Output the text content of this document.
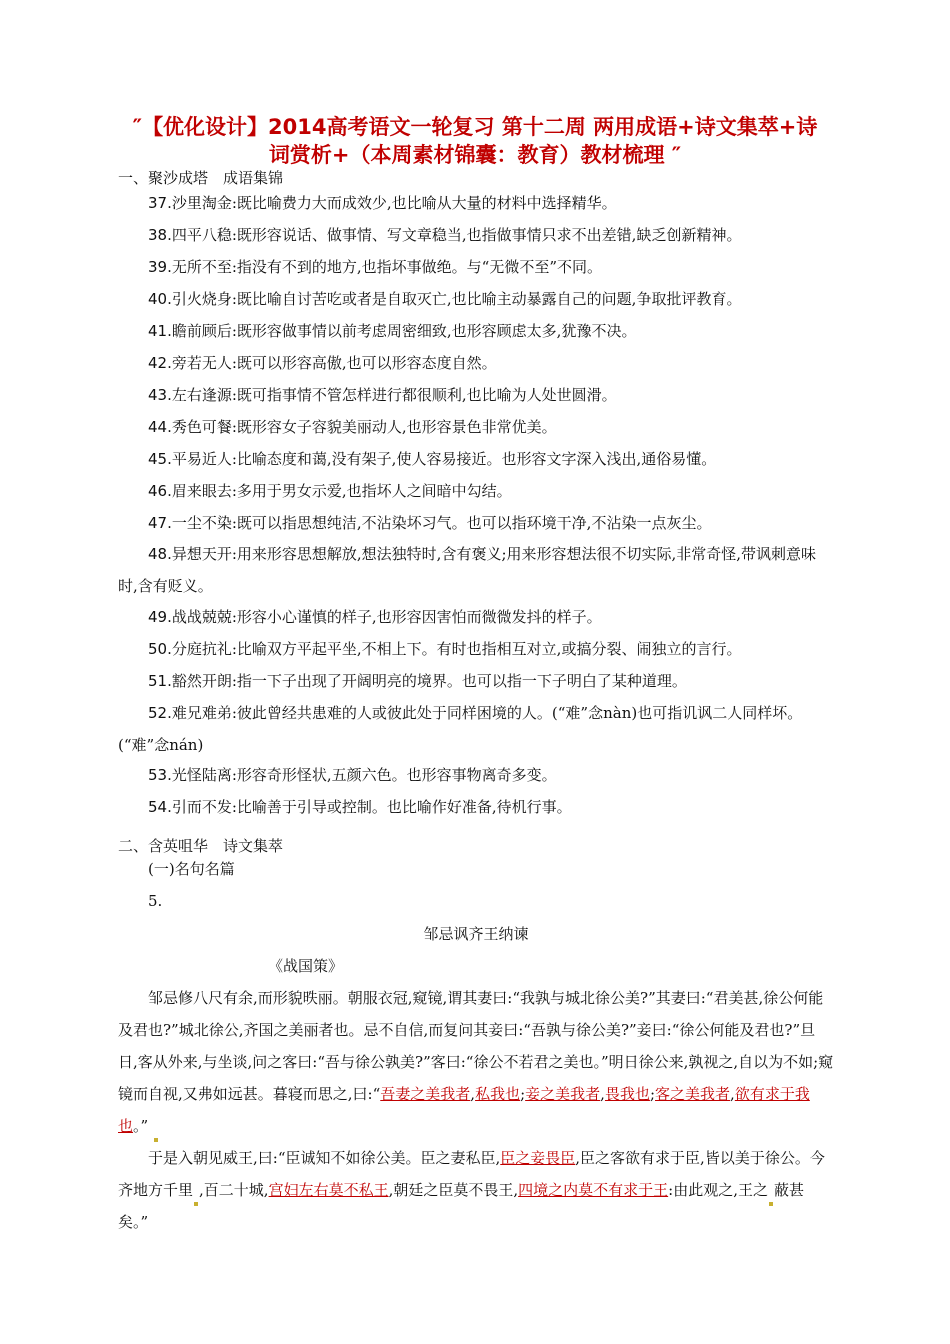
″【优化设计】2014高考语文一轮复习 第十二周 两用成语+诗文集萃+诗
词赏析+（本周素材锦囊：教育）教材梳理 ″
一、聚沙成塔　成语集锦
37.沙里淘金:既比喻费力大而成效少,也比喻从大量的材料中选择精华。
38.四平八稳:既形容说话、做事情、写文章稳当,也指做事情只求不出差错,缺乏创新精神。
39.无所不至:指没有不到的地方,也指坏事做绝。与“无微不至”不同。
40.引火烧身:既比喻自讨苦吃或者是自取灭亡,也比喻主动暴露自己的问题,争取批评教育。
41.瞻前顾后:既形容做事情以前考虑周密细致,也形容顾虑太多,犹豫不决。
42.旁若无人:既可以形容高傲,也可以形容态度自然。
43.左右逢源:既可指事情不管怎样进行都很顺利,也比喻为人处世圆滑。
44.秀色可餐:既形容女子容貌美丽动人,也形容景色非常优美。
45.平易近人:比喻态度和蔼,没有架子,使人容易接近。也形容文字深入浅出,通俗易懂。
46.眉来眼去:多用于男女示爱,也指坏人之间暗中勾结。
47.一尘不染:既可以指思想纯洁,不沾染坏习气。也可以指环境干净,不沾染一点灰尘。
48.异想天开:用来形容思想解放,想法独特时,含有褒义;用来形容想法很不切实际,非常奇怪,带讽刺意味时,含有贬义。
49.战战兢兢:形容小心谨慎的样子,也形容因害怕而微微发抖的样子。
50.分庭抗礼:比喻双方平起平坐,不相上下。有时也指相互对立,或搞分裂、闹独立的言行。
51.豁然开朗:指一下子出现了开阔明亮的境界。也可以指一下子明白了某种道理。
52.难兄难弟:彼此曾经共患难的人或彼此处于同样困境的人。(“难”念nàn)也可指讥讽二人同样坏。(“难”念nán)
53.光怪陆离:形容奇形怪状,五颜六色。也形容事物离奇多变。
54.引而不发:比喻善于引导或控制。也比喻作好准备,待机行事。
二、含英咀华　诗文集萃
(一)名句名篇
5.
邹忌讽齐王纳谏
《战国策》
邹忌修八尺有余,而形貌昳丽。朝服衣冠,窥镜,谓其妻曰:“我孰与城北徐公美?”其妻曰:“君美甚,徐公何能及君也?”城北徐公,齐国之美丽者也。忌不自信,而复问其妾曰:“吾孰与徐公美?”妾曰:“徐公何能及君也?”旦日,客从外来,与坐谈,问之客曰:“吾与徐公孰美?”客曰:“徐公不若君之美也。”明日徐公来,孰视之,自以为不如;窥镜而自视,又弗如远甚。暮寝而思之,曰:“吾妻之美我者,私我也;妾之美我者,畏我也;客之美我者,欲有求于我也。”
于是入朝见威王,曰:“臣诚知不如徐公美。臣之妻私臣,臣之妾畏臣,臣之客欲有求于臣,皆以美于徐公。今齐地方千里 ,百二十城,宫妇左右莫不私王,朝廷之臣莫不畏王,四境之内莫不有求于王:由此观之,王之 蔽甚矣。”
